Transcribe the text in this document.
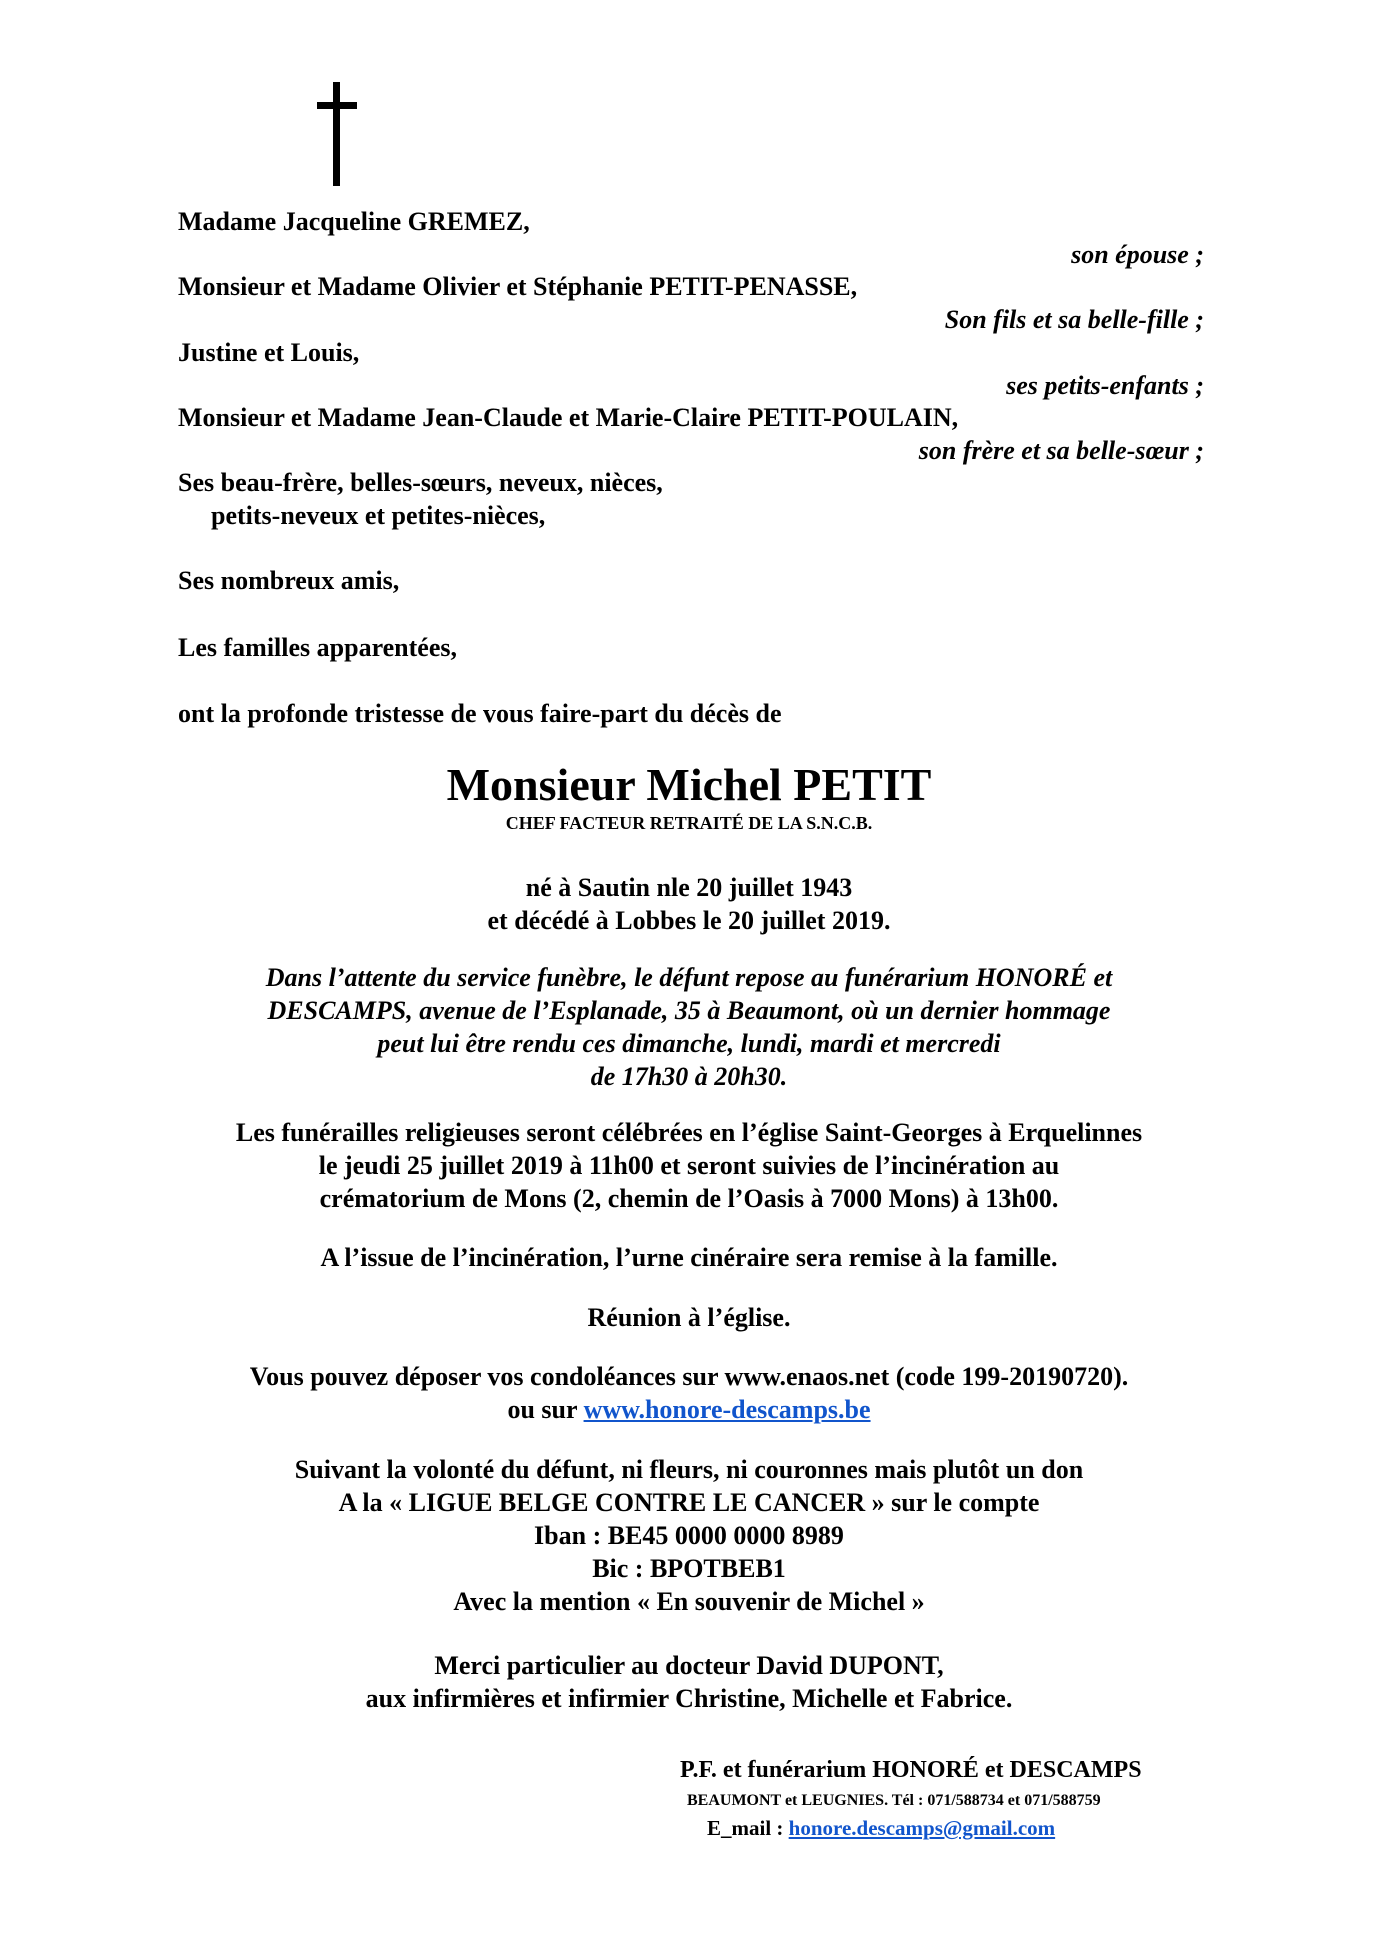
Madame Jacqueline GREMEZ,
son épouse ;
Monsieur et Madame Olivier et Stéphanie PETIT-PENASSE,
Son fils et sa belle-fille ;
Justine et Louis,
ses petits-enfants ;
Monsieur et Madame Jean-Claude et Marie-Claire PETIT-POULAIN,
son frère et sa belle-sœur ;
Ses beau-frère, belles-sœurs, neveux, nièces,
petits-neveux et petites-nièces,
Ses nombreux amis,
Les familles apparentées,
ont la profonde tristesse de vous faire-part du décès de
Monsieur Michel PETIT
CHEF FACTEUR RETRAITÉ DE LA S.N.C.B.
né à Sautin nle 20 juillet 1943
et décédé à Lobbes le 20 juillet 2019.
Dans l’attente du service funèbre, le défunt repose au funérarium HONORÉ et
DESCAMPS, avenue de l’Esplanade, 35 à Beaumont, où un dernier hommage
peut lui être rendu ces dimanche, lundi, mardi et mercredi
de 17h30 à 20h30.
Les funérailles religieuses seront célébrées en l’église Saint-Georges à Erquelinnes
le jeudi 25 juillet 2019 à 11h00 et seront suivies de l’incinération au
crématorium de Mons (2, chemin de l’Oasis à 7000 Mons) à 13h00.
A l’issue de l’incinération, l’urne cinéraire sera remise à la famille.
Réunion à l’église.
Vous pouvez déposer vos condoléances sur www.enaos.net (code 199-20190720).
ou sur www.honore-descamps.be
Suivant la volonté du défunt, ni fleurs, ni couronnes mais plutôt un don
A la « LIGUE BELGE CONTRE LE CANCER » sur le compte
Iban : BE45 0000 0000 8989
Bic : BPOTBEB1
Avec la mention « En souvenir de Michel »
Merci particulier au docteur David DUPONT,
aux infirmières et infirmier Christine, Michelle et Fabrice.
P.F. et funérarium HONORÉ et DESCAMPS
BEAUMONT et LEUGNIES. Tél : 071/588734 et 071/588759
E_mail : honore.descamps@gmail.com
